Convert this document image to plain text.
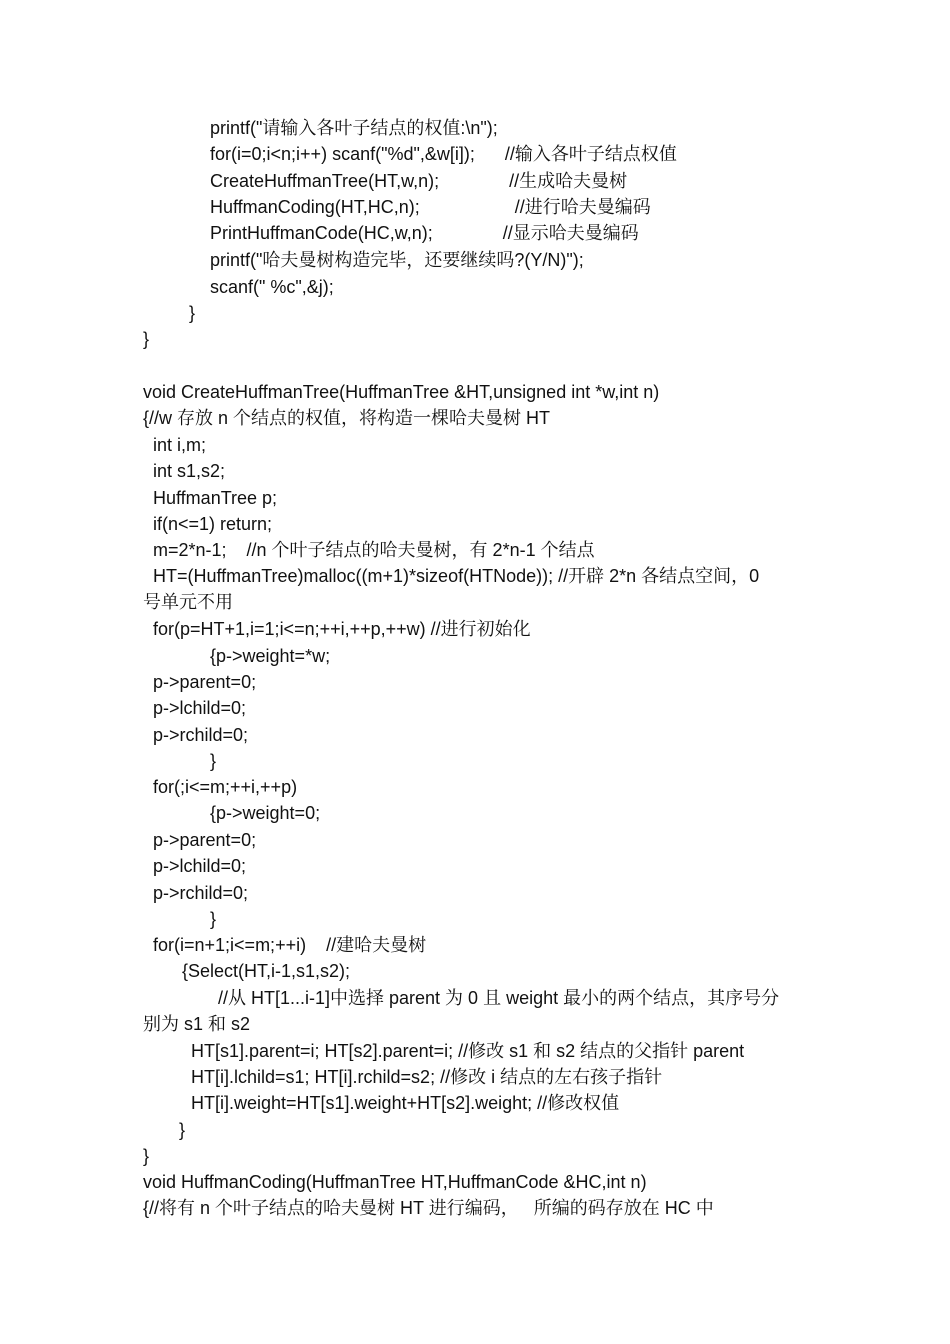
printf("请输入各叶子结点的权值:\n");
for(i=0;i<n;i++) scanf("%d",&w[i]);      //输入各叶子结点权值
CreateHuffmanTree(HT,w,n);              //生成哈夫曼树
HuffmanCoding(HT,HC,n);                   //进行哈夫曼编码
PrintHuffmanCode(HC,w,n);              //显示哈夫曼编码
printf("哈夫曼树构造完毕，还要继续吗?(Y/N)");
scanf(" %c",&j);
}
}
void CreateHuffmanTree(HuffmanTree &HT,unsigned int *w,int n)
{//w 存放 n 个结点的权值，将构造一棵哈夫曼树 HT
int i,m;
int s1,s2;
HuffmanTree p;
if(n<=1) return;
m=2*n-1;    //n 个叶子结点的哈夫曼树，有 2*n-1 个结点
HT=(HuffmanTree)malloc((m+1)*sizeof(HTNode)); //开辟 2*n 各结点空间，0
号单元不用
for(p=HT+1,i=1;i<=n;++i,++p,++w) //进行初始化
{p->weight=*w;
p->parent=0;
p->lchild=0;
p->rchild=0;
}
for(;i<=m;++i,++p)
{p->weight=0;
p->parent=0;
p->lchild=0;
p->rchild=0;
}
for(i=n+1;i<=m;++i)    //建哈夫曼树
{Select(HT,i-1,s1,s2);
//从 HT[1...i-1]中选择 parent 为 0 且 weight 最小的两个结点，其序号分
别为 s1 和 s2
HT[s1].parent=i; HT[s2].parent=i; //修改 s1 和 s2 结点的父指针 parent
HT[i].lchild=s1; HT[i].rchild=s2; //修改 i 结点的左右孩子指针
HT[i].weight=HT[s1].weight+HT[s2].weight; //修改权值
}
}
void HuffmanCoding(HuffmanTree HT,HuffmanCode &HC,int n)
{//将有 n 个叶子结点的哈夫曼树 HT 进行编码，   所编的码存放在 HC 中
